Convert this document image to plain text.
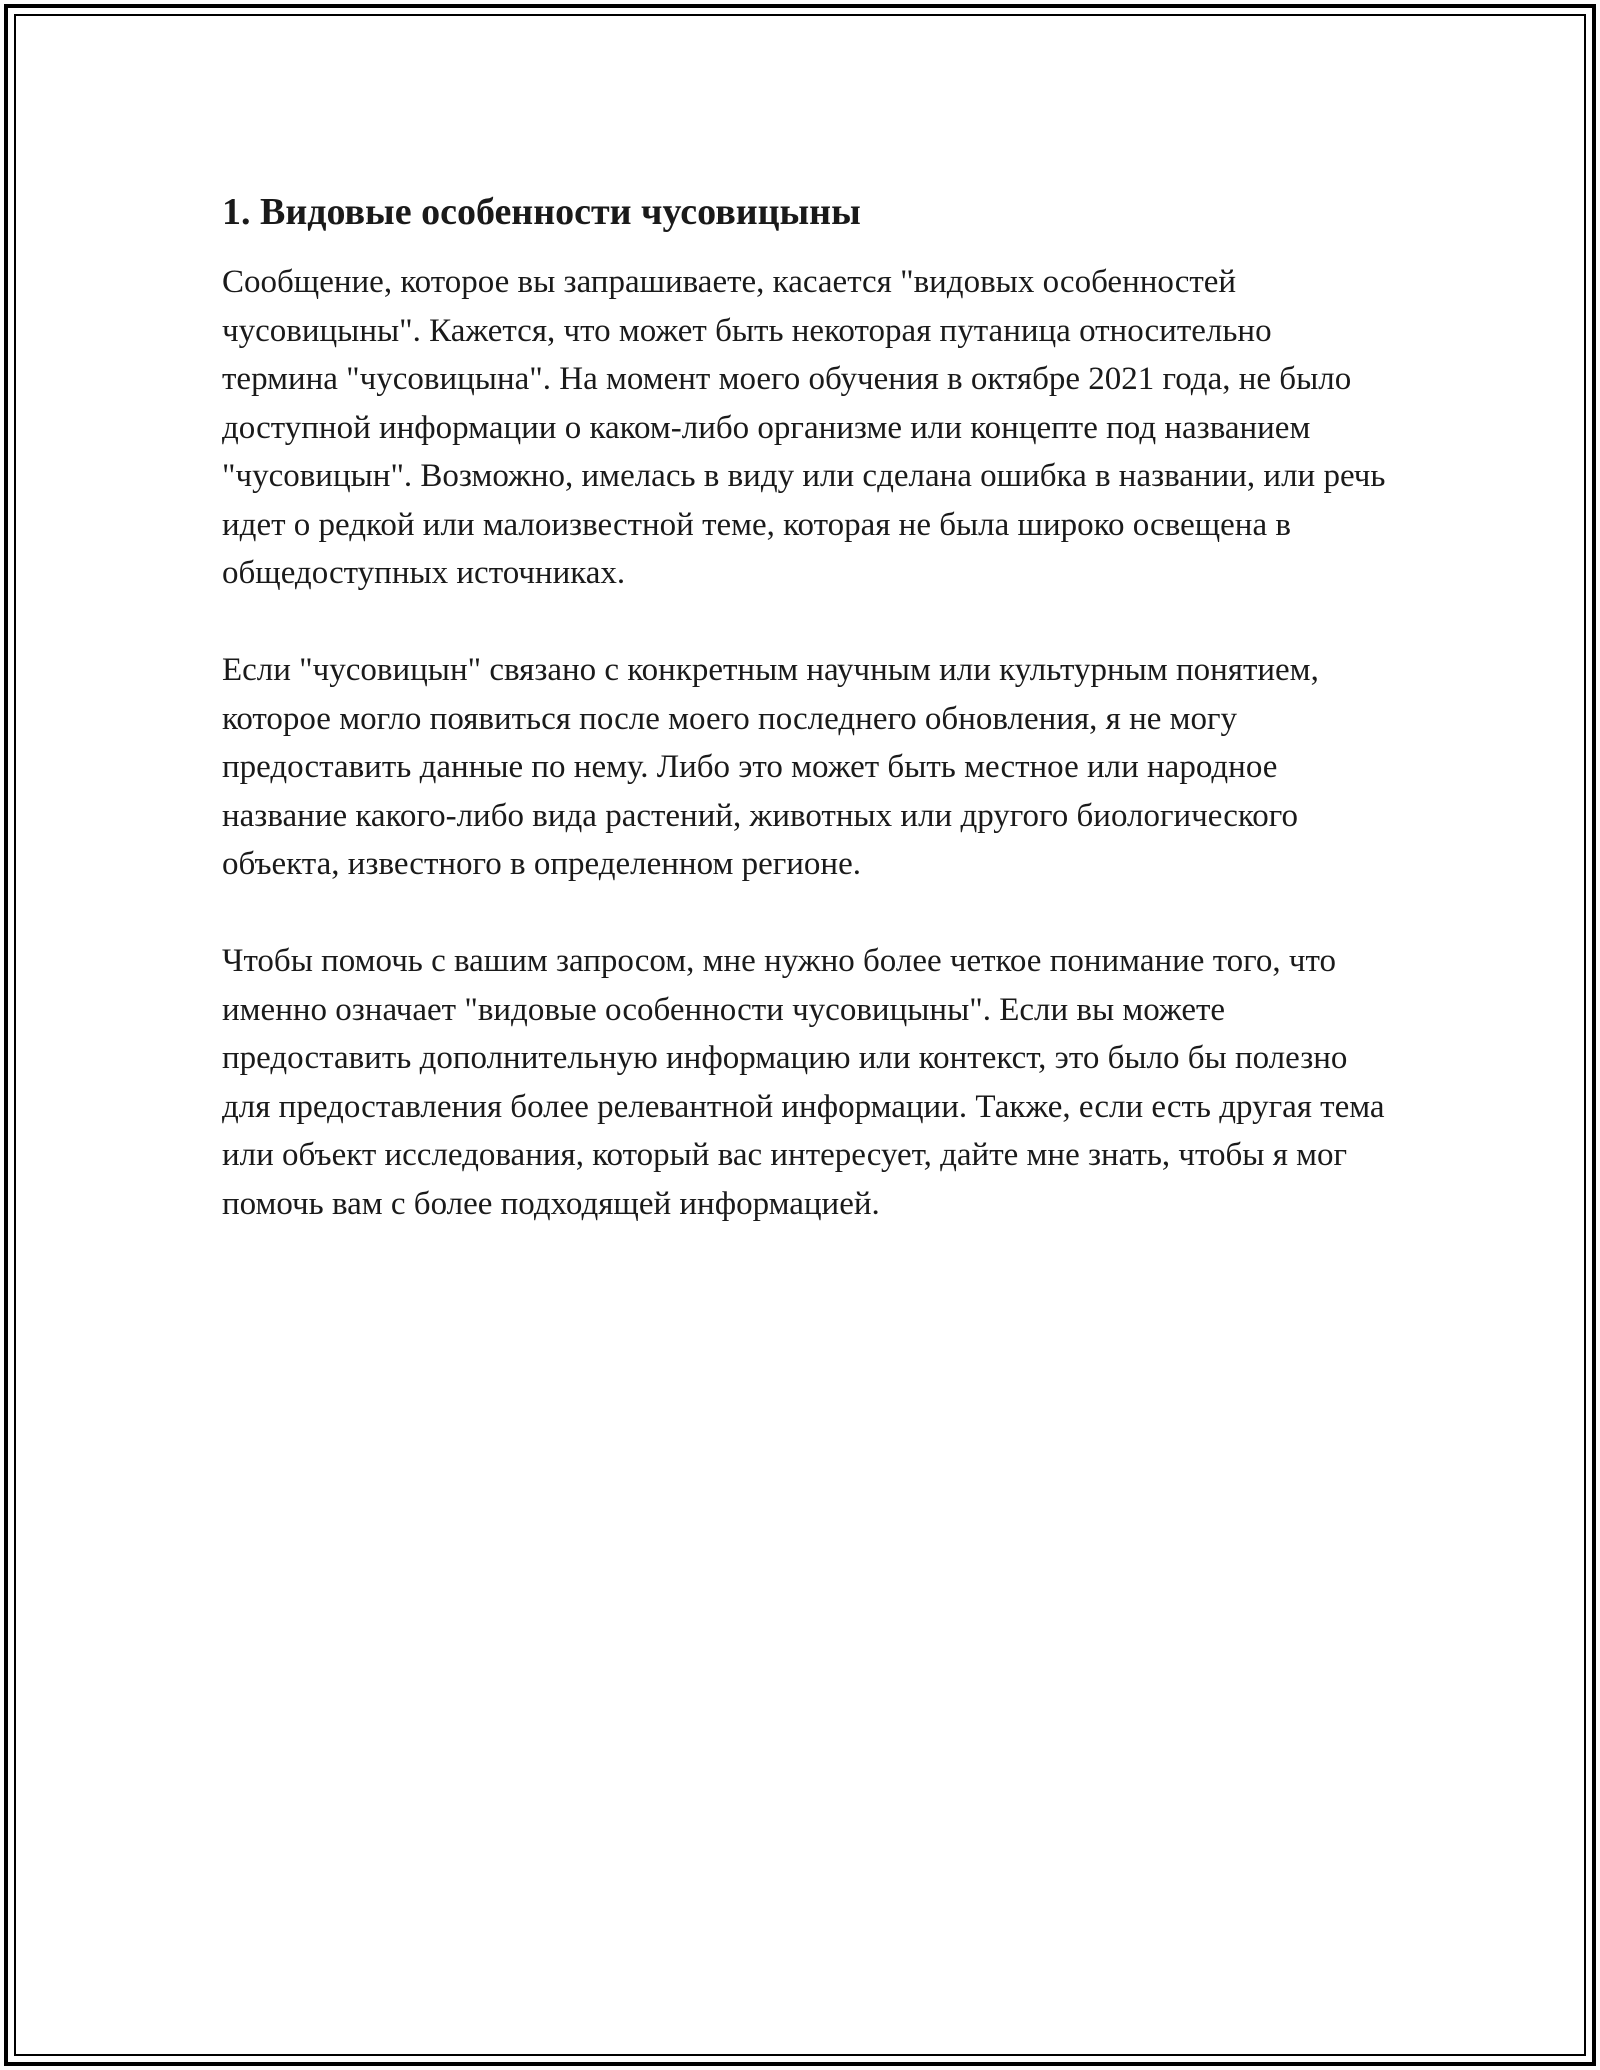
1. Видовые особенности чусовицыны

Сообщение, которое вы запрашиваете, касается "видовых особенностей чусовицыны". Кажется, что может быть некоторая путаница относительно термина "чусовицына". На момент моего обучения в октябре 2021 года, не было доступной информации о каком-либо организме или концепте под названием "чусовицын". Возможно, имелась в виду или сделана ошибка в названии, или речь идет о редкой или малоизвестной теме, которая не была широко освещена в общедоступных источниках.

Если "чусовицын" связано с конкретным научным или культурным понятием, которое могло появиться после моего последнего обновления, я не могу предоставить данные по нему. Либо это может быть местное или народное название какого-либо вида растений, животных или другого биологического объекта, известного в определенном регионе.

Чтобы помочь с вашим запросом, мне нужно более четкое понимание того, что именно означает "видовые особенности чусовицыны". Если вы можете предоставить дополнительную информацию или контекст, это было бы полезно для предоставления более релевантной информации. Также, если есть другая тема или объект исследования, который вас интересует, дайте мне знать, чтобы я мог помочь вам с более подходящей информацией.
